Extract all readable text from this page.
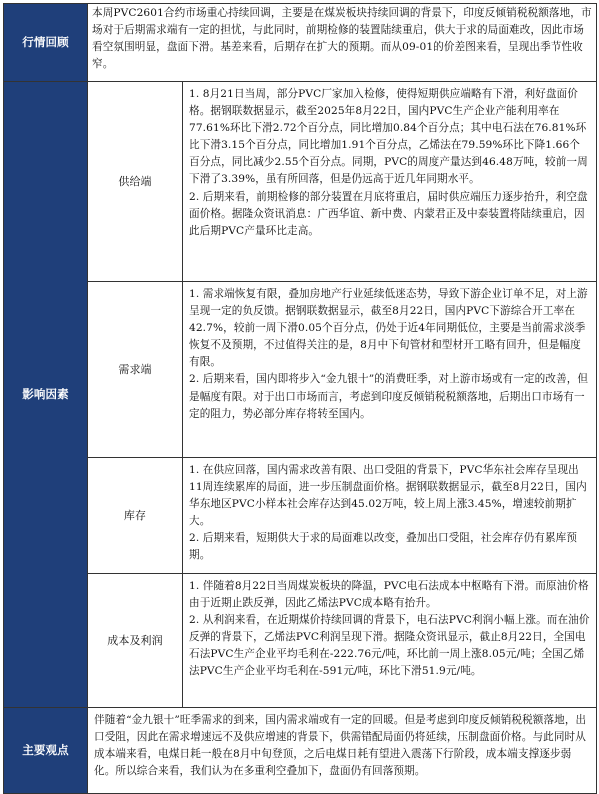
行情回顾	本周PVC2601合约市场重心持续回调，主要是在煤炭板块持续回调的背景下，印度反倾销税税额落地，市场对于后期需求端有一定的担忧，与此同时，前期检修的装置陆续重启，供大于求的局面难改，因此市场看空氛围明显，盘面下滑。基差来看，后期存在扩大的预期。而从09-01的价差图来看，呈现出季节性收窄。	
影响因素	供给端	1. 8月21日当周，部分PVC厂家加入检修，使得短期供应端略有下滑，利好盘面价格。据钢联数据显示，截至2025年8月22日，国内PVC生产企业产能利用率在77.61%环比下滑2.72个百分点，同比增加0.84个百分点；其中电石法在76.81%环比下滑3.15个百分点，同比增加1.91个百分点，乙烯法在79.59%环比下降1.66个百分点，同比减少2.55个百分点。同期，PVC的周度产量达到46.48万吨，较前一周下滑了3.39%，虽有所回落，但是仍远高于近几年同期水平。

2. 后期来看，前期检修的部分装置在月底将重启，届时供应端压力逐步抬升，利空盘面价格。据隆众资讯消息：广西华谊、新中费、内蒙君正及中泰装置将陆续重启，因此后期PVC产量环比走高。

	需求端	1. 需求端恢复有限，叠加房地产行业延续低迷态势，导致下游企业订单不足，对上游呈现一定的负反馈。据钢联数据显示，截至8月22日，国内PVC下游综合开工率在42.7%，较前一周下滑0.05个百分点，仍处于近4年同期低位，主要是当前需求淡季恢复不及预期，不过值得关注的是，8月中下旬管材和型材开工略有回升，但是幅度有限。

2. 后期来看，国内即将步入“金九银十”的消费旺季，对上游市场或有一定的改善，但是幅度有限。对于出口市场而言，考虑到印度反倾销税税额落地，后期出口市场有一定的阻力，势必部分库存将转至国内。

	库存	1. 在供应回落，国内需求改善有限、出口受阻的背景下，PVC华东社会库存呈现出11周连续累库的局面，进一步压制盘面价格。据钢联数据显示，截至8月22日，国内华东地区PVC小样本社会库存达到45.02万吨，较上周上涨3.45%，增速较前期扩大。

2. 后期来看，短期供大于求的局面难以改变，叠加出口受阻，社会库存仍有累库预期。

	成本及利润	1. 伴随着8月22日当周煤炭板块的降温，PVC电石法成本中枢略有下滑。而原油价格由于近期止跌反弹，因此乙烯法PVC成本略有抬升。

2. 从利润来看，在近期煤价持续回调的背景下，电石法PVC利润小幅上涨。而在油价反弹的背景下，乙烯法PVC利润呈现下滑。据隆众资讯显示，截止8月22日，全国电石法PVC生产企业平均毛利在-222.76元/吨，环比前一周上涨8.05元/吨；全国乙烯法PVC生产企业平均毛利在-591元/吨，环比下滑51.9元/吨。

主要观点	伴随着“金九银十”旺季需求的到来，国内需求端或有一定的回暖。但是考虑到印度反倾销税税额落地，出口受阻，因此在需求增速远不及供应增速的背景下，供需错配局面仍将延续，压制盘面价格。与此同时从成本端来看，电煤日耗一般在8月中旬登顶，之后电煤日耗有望进入震荡下行阶段，成本端支撑逐步弱化。所以综合来看，我们认为在多重利空叠加下，盘面仍有回落预期。	
